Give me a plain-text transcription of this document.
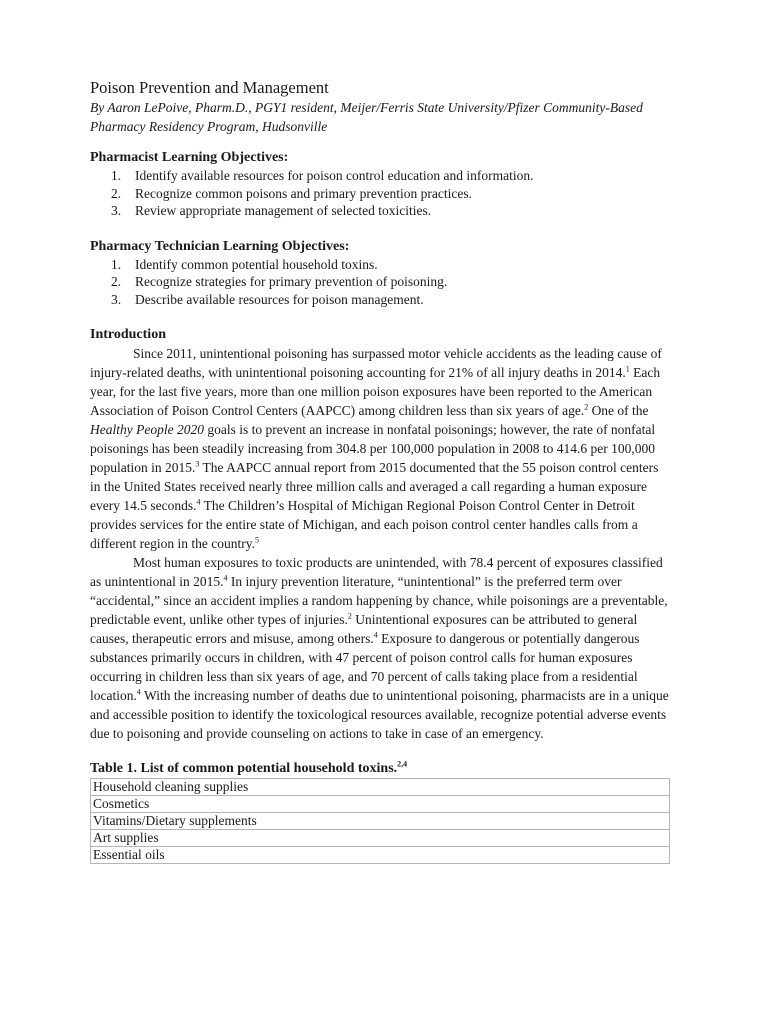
Poison Prevention and Management

By Aaron LePoive, Pharm.D., PGY1 resident, Meijer/Ferris State University/Pfizer Community-Based Pharmacy Residency Program, Hudsonville

Pharmacist Learning Objectives:

1. Identify available resources for poison control education and information.
2. Recognize common poisons and primary prevention practices.
3. Review appropriate management of selected toxicities.

Pharmacy Technician Learning Objectives:

1. Identify common potential household toxins.
2. Recognize strategies for primary prevention of poisoning.
3. Describe available resources for poison management.

Introduction

Since 2011, unintentional poisoning has surpassed motor vehicle accidents as the leading cause of injury-related deaths, with unintentional poisoning accounting for 21% of all injury deaths in 2014.$^1$ Each year, for the last five years, more than one million poison exposures have been reported to the American Association of Poison Control Centers (AAPCC) among children less than six years of age.$^2$ One of the Healthy People 2020 goals is to prevent an increase in nonfatal poisonings; however, the rate of nonfatal poisonings has been steadily increasing from 304.8 per 100,000 population in 2008 to 414.6 per 100,000 population in 2015.$^3$ The AAPCC annual report from 2015 documented that the 55 poison control centers in the United States received nearly three million calls and averaged a call regarding a human exposure every 14.5 seconds.$^4$ The Children’s Hospital of Michigan Regional Poison Control Center in Detroit provides services for the entire state of Michigan, and each poison control center handles calls from a different region in the country.$^5$

Most human exposures to toxic products are unintended, with 78.4 percent of exposures classified as unintentional in 2015.$^4$ In injury prevention literature, “unintentional” is the preferred term over “accidental,” since an accident implies a random happening by chance, while poisonings are a preventable, predictable event, unlike other types of injuries.$^2$ Unintentional exposures can be attributed to general causes, therapeutic errors and misuse, among others.$^4$ Exposure to dangerous or potentially dangerous substances primarily occurs in children, with 47 percent of poison control calls for human exposures occurring in children less than six years of age, and 70 percent of calls taking place from a residential location.$^4$ With the increasing number of deaths due to unintentional poisoning, pharmacists are in a unique and accessible position to identify the toxicological resources available, recognize potential adverse events due to poisoning and provide counseling on actions to take in case of an emergency.

Table 1. List of common potential household toxins.$^{2,4}$

Household cleaning supplies
Cosmetics
Vitamins/Dietary supplements
Art supplies
Essential oils
